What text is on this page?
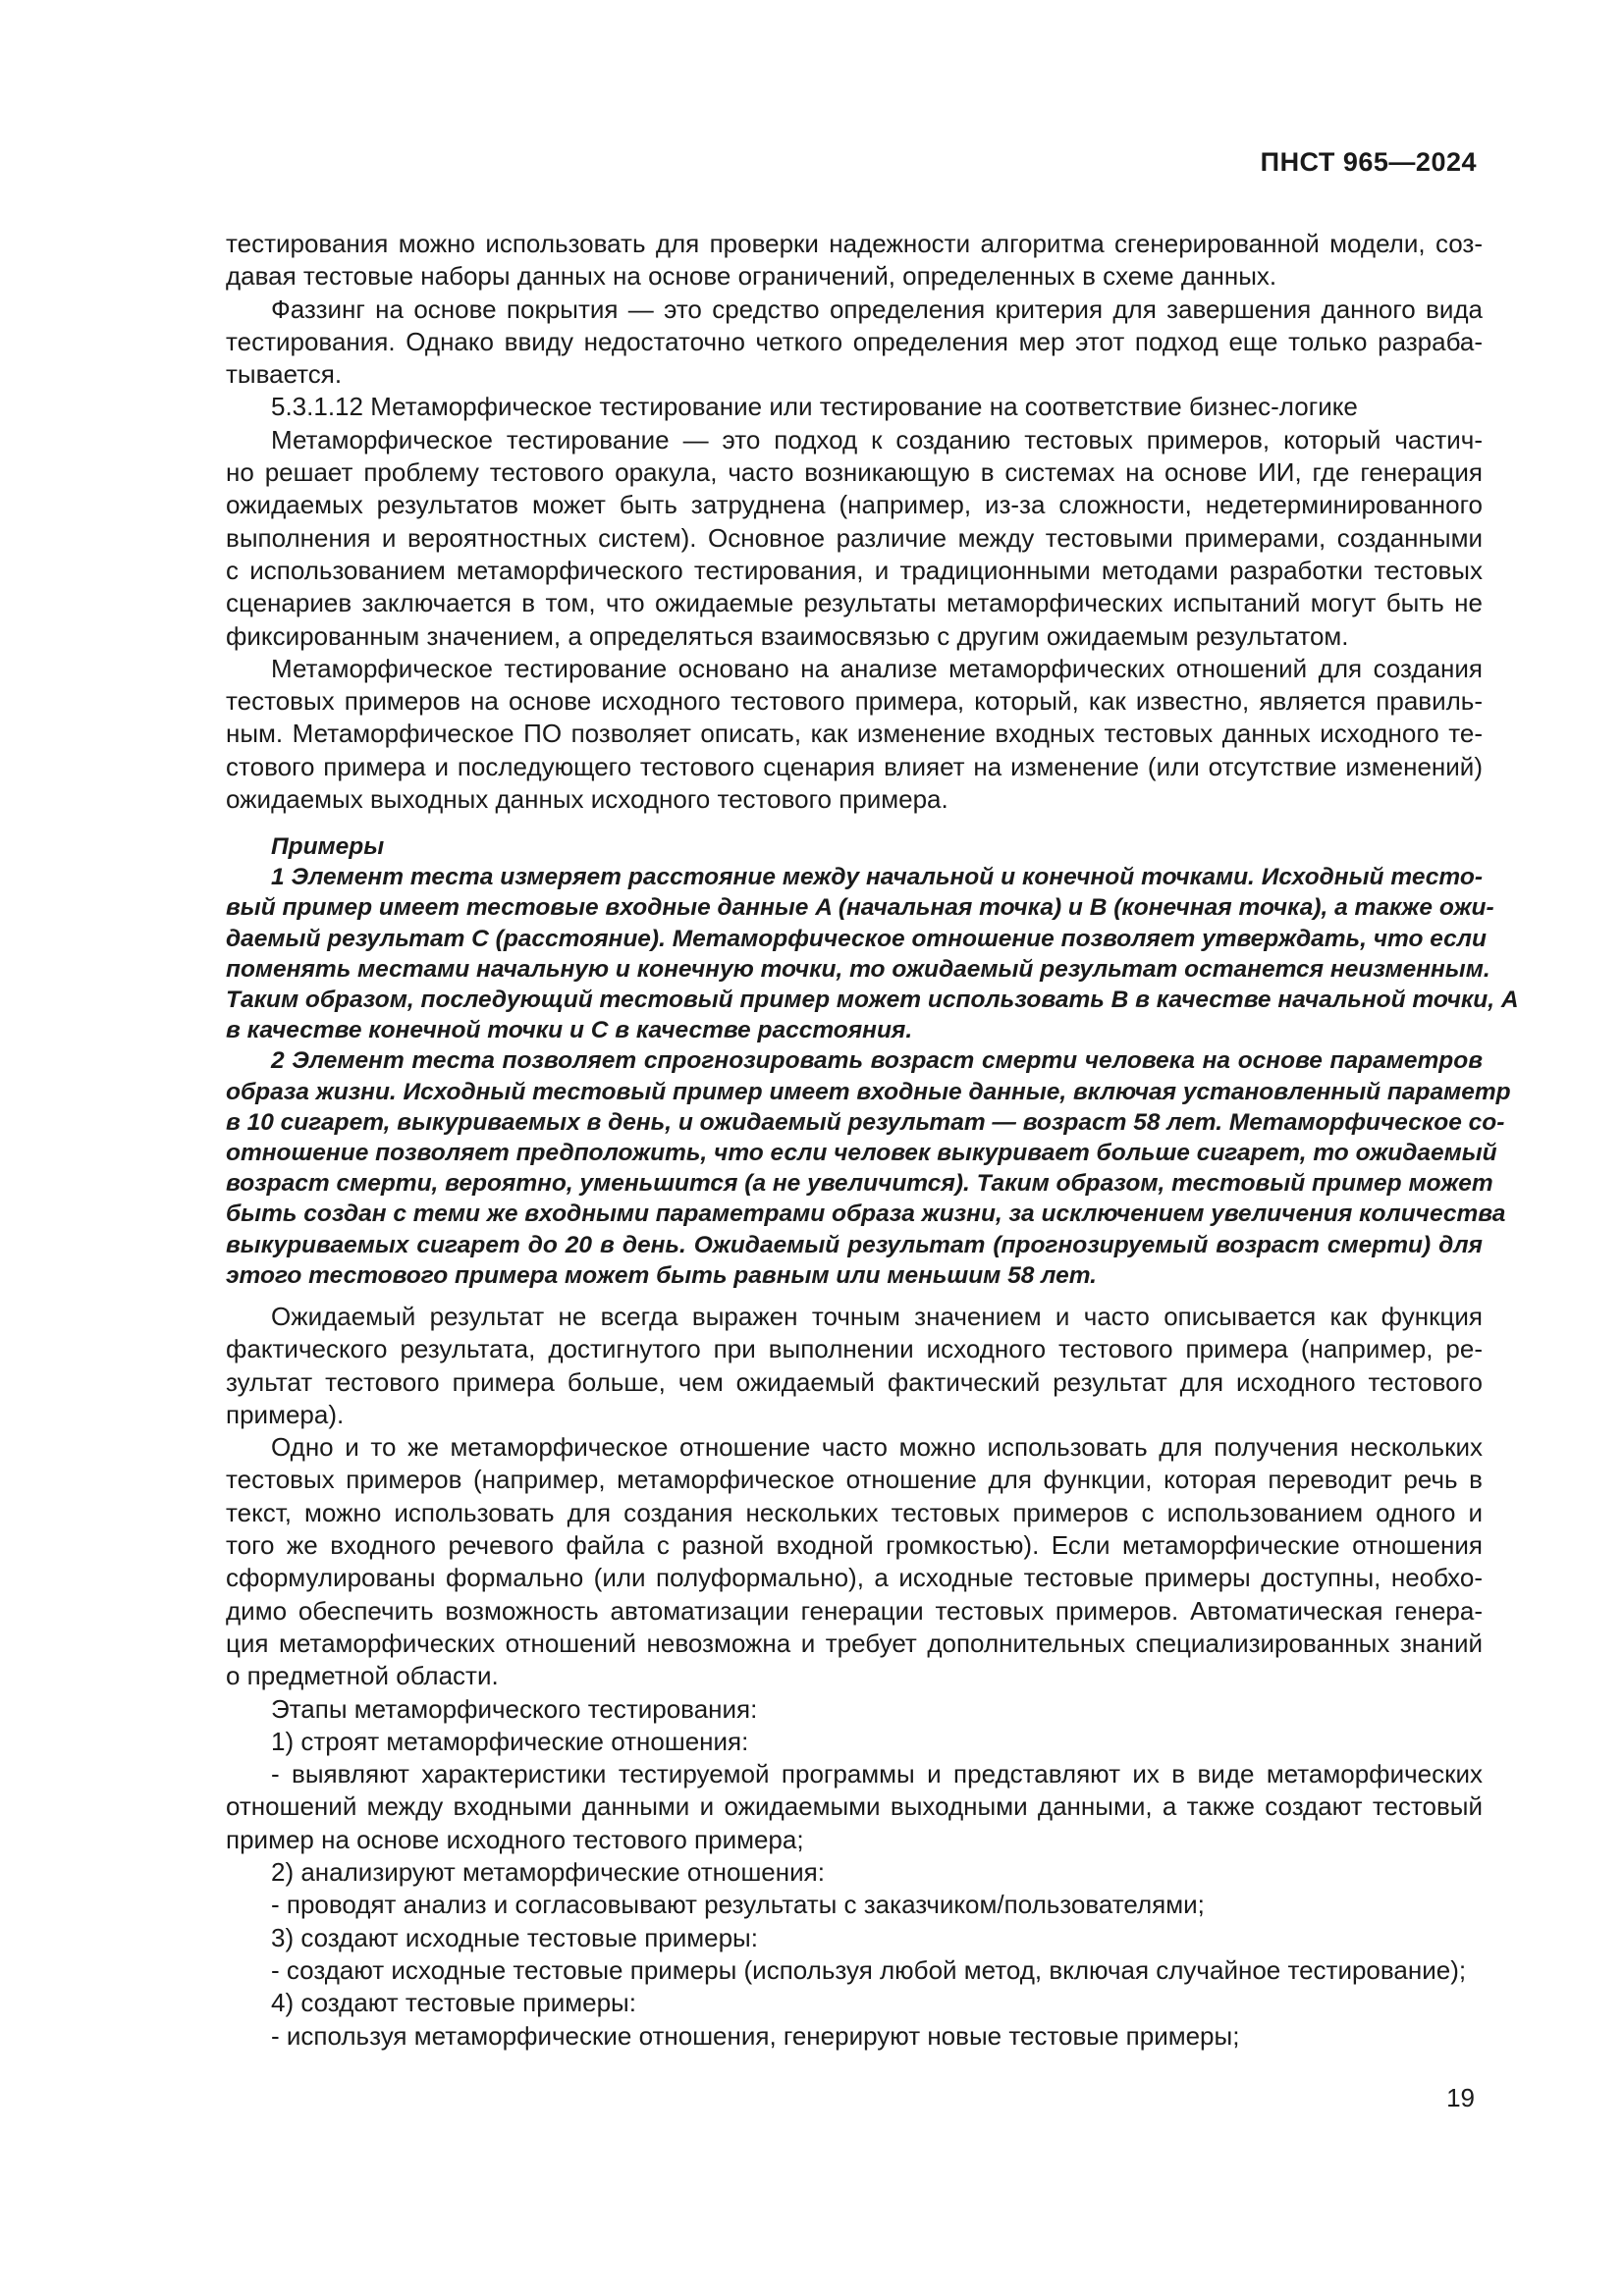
ПНСТ 965—2024
тестирования можно использовать для проверки надежности алгоритма сгенерированной модели, соз-
давая тестовые наборы данных на основе ограничений, определенных в схеме данных.
Фаззинг на основе покрытия — это средство определения критерия для завершения данного вида
тестирования. Однако ввиду недостаточно четкого определения мер этот подход еще только разраба-
тывается.
5.3.1.12 Метаморфическое тестирование или тестирование на соответствие бизнес-логике
Метаморфическое тестирование — это подход к созданию тестовых примеров, который частич-
но решает проблему тестового оракула, часто возникающую в системах на основе ИИ, где генерация
ожидаемых результатов может быть затруднена (например, из-за сложности, недетерминированного
выполнения и вероятностных систем). Основное различие между тестовыми примерами, созданными
с использованием метаморфического тестирования, и традиционными методами разработки тестовых
сценариев заключается в том, что ожидаемые результаты метаморфических испытаний могут быть не
фиксированным значением, а определяться взаимосвязью с другим ожидаемым результатом.
Метаморфическое тестирование основано на анализе метаморфических отношений для создания
тестовых примеров на основе исходного тестового примера, который, как известно, является правиль-
ным. Метаморфическое ПО позволяет описать, как изменение входных тестовых данных исходного те-
стового примера и последующего тестового сценария влияет на изменение (или отсутствие изменений)
ожидаемых выходных данных исходного тестового примера.
Примеры
1 Элемент теста измеряет расстояние между начальной и конечной точками. Исходный тесто-
вый пример имеет тестовые входные данные A (начальная точка) и B (конечная точка), а также ожи-
даемый результат C (расстояние). Метаморфическое отношение позволяет утверждать, что если
поменять местами начальную и конечную точки, то ожидаемый результат останется неизменным.
Таким образом, последующий тестовый пример может использовать B в качестве начальной точки, A
в качестве конечной точки и C в качестве расстояния.
2 Элемент теста позволяет спрогнозировать возраст смерти человека на основе параметров
образа жизни. Исходный тестовый пример имеет входные данные, включая установленный параметр
в 10 сигарет, выкуриваемых в день, и ожидаемый результат — возраст 58 лет. Метаморфическое со-
отношение позволяет предположить, что если человек выкуривает больше сигарет, то ожидаемый
возраст смерти, вероятно, уменьшится (а не увеличится). Таким образом, тестовый пример может
быть создан с теми же входными параметрами образа жизни, за исключением увеличения количества
выкуриваемых сигарет до 20 в день. Ожидаемый результат (прогнозируемый возраст смерти) для
этого тестового примера может быть равным или меньшим 58 лет.
Ожидаемый результат не всегда выражен точным значением и часто описывается как функция
фактического результата, достигнутого при выполнении исходного тестового примера (например, ре-
зультат тестового примера больше, чем ожидаемый фактический результат для исходного тестового
примера).
Одно и то же метаморфическое отношение часто можно использовать для получения нескольких
тестовых примеров (например, метаморфическое отношение для функции, которая переводит речь в
текст, можно использовать для создания нескольких тестовых примеров с использованием одного и
того же входного речевого файла с разной входной громкостью). Если метаморфические отношения
сформулированы формально (или полуформально), а исходные тестовые примеры доступны, необхо-
димо обеспечить возможность автоматизации генерации тестовых примеров. Автоматическая генера-
ция метаморфических отношений невозможна и требует дополнительных специализированных знаний
о предметной области.
Этапы метаморфического тестирования:
1) строят метаморфические отношения:
- выявляют характеристики тестируемой программы и представляют их в виде метаморфических
отношений между входными данными и ожидаемыми выходными данными, а также создают тестовый
пример на основе исходного тестового примера;
2) анализируют метаморфические отношения:
- проводят анализ и согласовывают результаты с заказчиком/пользователями;
3) создают исходные тестовые примеры:
- создают исходные тестовые примеры (используя любой метод, включая случайное тестирование);
4) создают тестовые примеры:
- используя метаморфические отношения, генерируют новые тестовые примеры;
19
